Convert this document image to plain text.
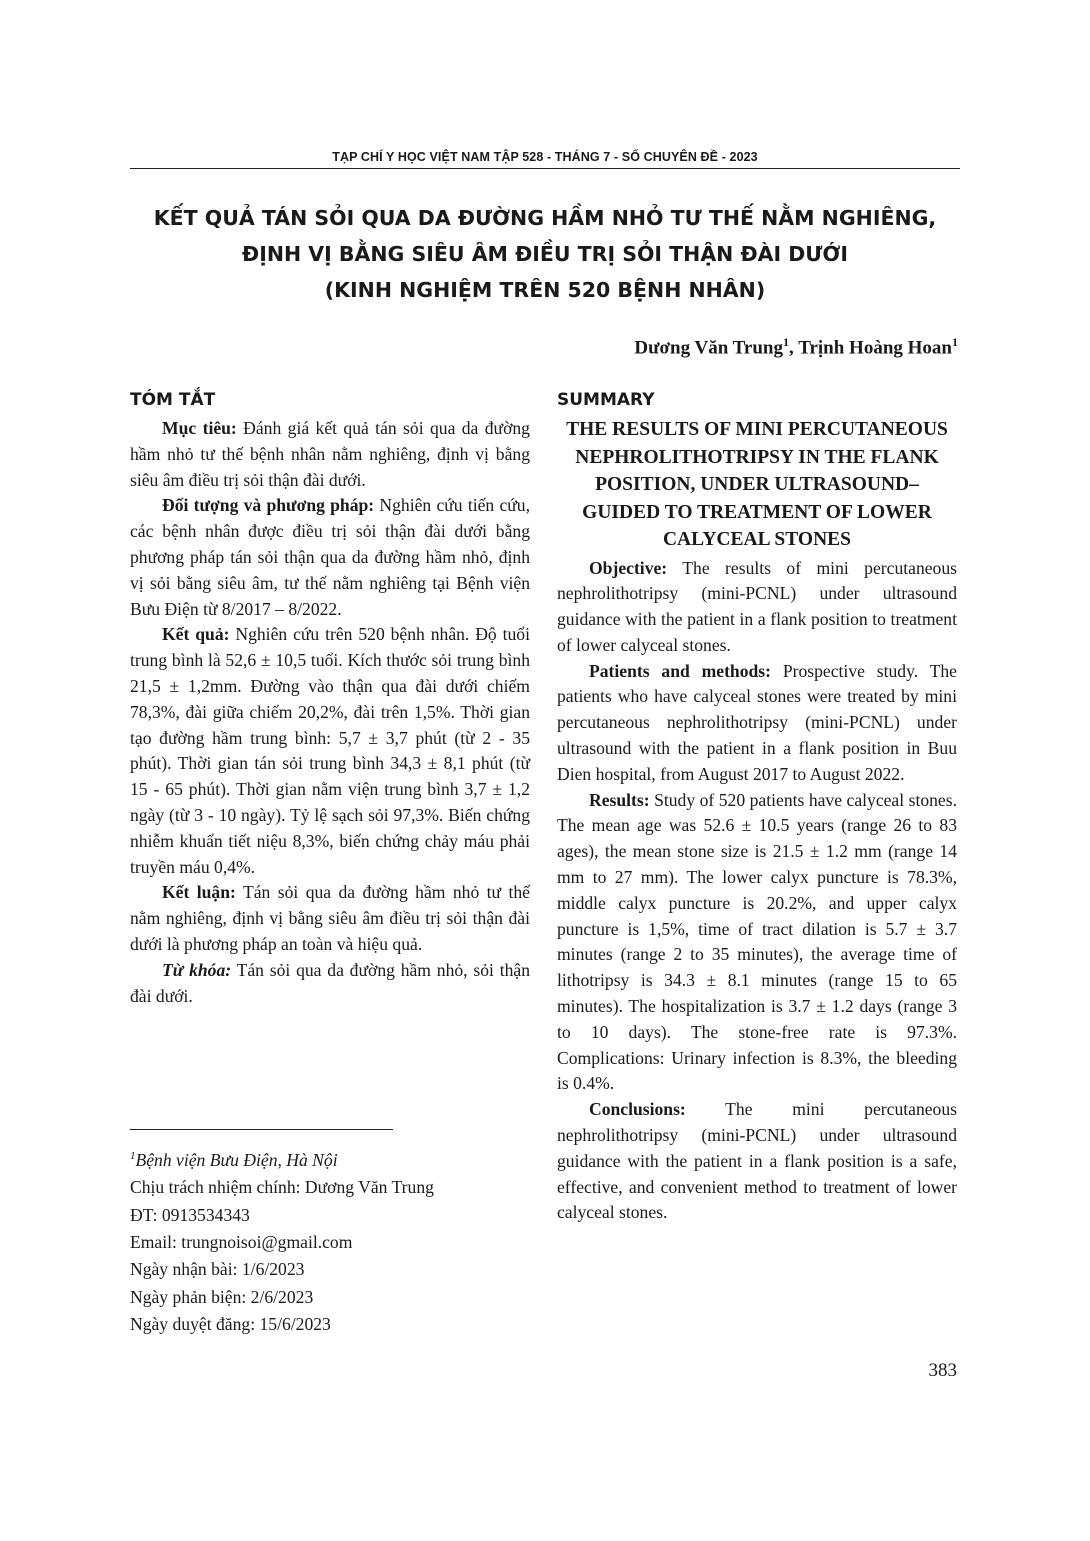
TẠP CHÍ Y HỌC VIỆT NAM TẬP 528 - THÁNG 7 - SỐ CHUYÊN ĐỀ - 2023
KẾT QUẢ TÁN SỎI QUA DA ĐƯỜNG HẦM NHỎ TƯ THẾ NẰM NGHIÊNG,
ĐỊNH VỊ BẰNG SIÊU ÂM ĐIỀU TRỊ SỎI THẬN ĐÀI DƯỚI
(KINH NGHIỆM TRÊN 520 BỆNH NHÂN)
Dương Văn Trung$^1$, Trịnh Hoàng Hoan$^1$
TÓM TẮT

Mục tiêu: Đánh giá kết quả tán sỏi qua da đường hầm nhỏ tư thế bệnh nhân nằm nghiêng, định vị bằng siêu âm điều trị sỏi thận đài dưới.

Đối tượng và phương pháp: Nghiên cứu tiến cứu, các bệnh nhân được điều trị sỏi thận đài dưới bằng phương pháp tán sỏi thận qua da đường hầm nhỏ, định vị sỏi bằng siêu âm, tư thế nằm nghiêng tại Bệnh viện Bưu Điện từ 8/2017 – 8/2022.

Kết quả: Nghiên cứu trên 520 bệnh nhân. Độ tuổi trung bình là 52,6 ± 10,5 tuổi. Kích thước sỏi trung bình 21,5 ± 1,2mm. Đường vào thận qua đài dưới chiếm 78,3%, đài giữa chiếm 20,2%, đài trên 1,5%. Thời gian tạo đường hầm trung bình: 5,7 ± 3,7 phút (từ 2 - 35 phút). Thời gian tán sỏi trung bình 34,3 ± 8,1 phút (từ 15 - 65 phút). Thời gian nằm viện trung bình 3,7 ± 1,2 ngày (từ 3 - 10 ngày). Tỷ lệ sạch sỏi 97,3%. Biến chứng nhiễm khuẩn tiết niệu 8,3%, biến chứng chảy máu phải truyền máu 0,4%.

Kết luận: Tán sỏi qua da đường hầm nhỏ tư thế nằm nghiêng, định vị bằng siêu âm điều trị sỏi thận đài dưới là phương pháp an toàn và hiệu quả.

Từ khóa: Tán sỏi qua da đường hầm nhỏ, sỏi thận đài dưới.

$^1$Bệnh viện Bưu Điện, Hà Nội
Chịu trách nhiệm chính: Dương Văn Trung
ĐT: 0913534343
Email: trungnoisoi@gmail.com
Ngày nhận bài: 1/6/2023
Ngày phản biện: 2/6/2023
Ngày duyệt đăng: 15/6/2023
SUMMARY
THE RESULTS OF MINI PERCUTANEOUS NEPHROLITHOTRIPSY IN THE FLANK POSITION, UNDER ULTRASOUND–GUIDED TO TREATMENT OF LOWER CALYCEAL STONES

Objective: The results of mini percutaneous nephrolithotripsy (mini-PCNL) under ultrasound guidance with the patient in a flank position to treatment of lower calyceal stones.

Patients and methods: Prospective study. The patients who have calyceal stones were treated by mini percutaneous nephrolithotripsy (mini-PCNL) under ultrasound with the patient in a flank position in Buu Dien hospital, from August 2017 to August 2022.

Results: Study of 520 patients have calyceal stones. The mean age was 52.6 ± 10.5 years (range 26 to 83 ages), the mean stone size is 21.5 ± 1.2 mm (range 14 mm to 27 mm). The lower calyx puncture is 78.3%, middle calyx puncture is 20.2%, and upper calyx puncture is 1,5%, time of tract dilation is 5.7 ± 3.7 minutes (range 2 to 35 minutes), the average time of lithotripsy is 34.3 ± 8.1 minutes (range 15 to 65 minutes). The hospitalization is 3.7 ± 1.2 days (range 3 to 10 days). The stone-free rate is 97.3%. Complications: Urinary infection is 8.3%, the bleeding is 0.4%.

Conclusions: The mini percutaneous nephrolithotripsy (mini-PCNL) under ultrasound guidance with the patient in a flank position is a safe, effective, and convenient method to treatment of lower calyceal stones.

383
